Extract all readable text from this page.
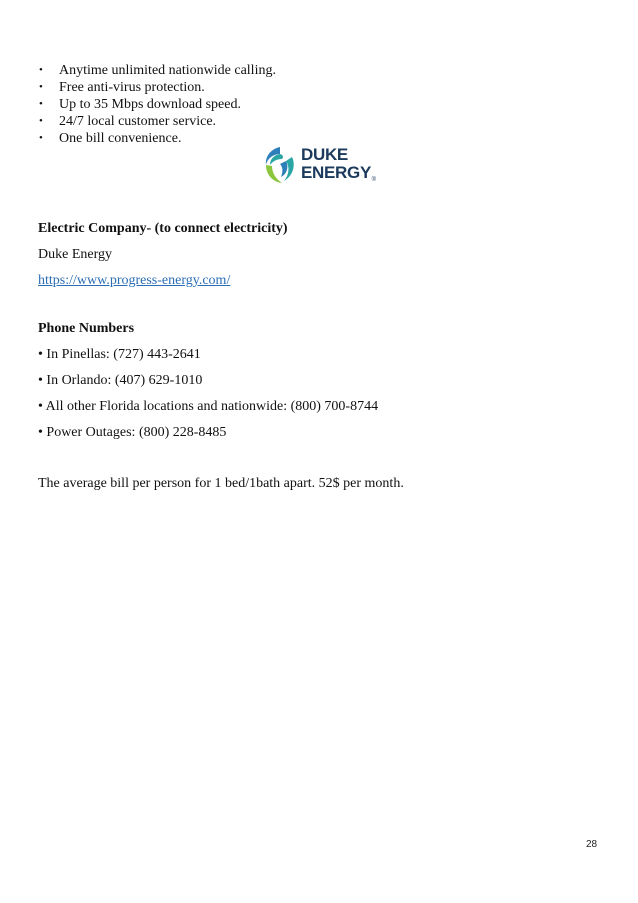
• Anytime unlimited nationwide calling.
• Free anti-virus protection.
• Up to 35 Mbps download speed.
• 24/7 local customer service.
• One bill convenience.
DUKE
ENERGY ®
Electric Company- (to connect electricity)
Duke Energy
https://www.progress-energy.com/
Phone Numbers
• In Pinellas: (727) 443-2641
• In Orlando: (407) 629-1010
• All other Florida locations and nationwide: (800) 700-8744
• Power Outages: (800) 228-8485
The average bill per person for 1 bed/1bath apart. 52$ per month.
28
